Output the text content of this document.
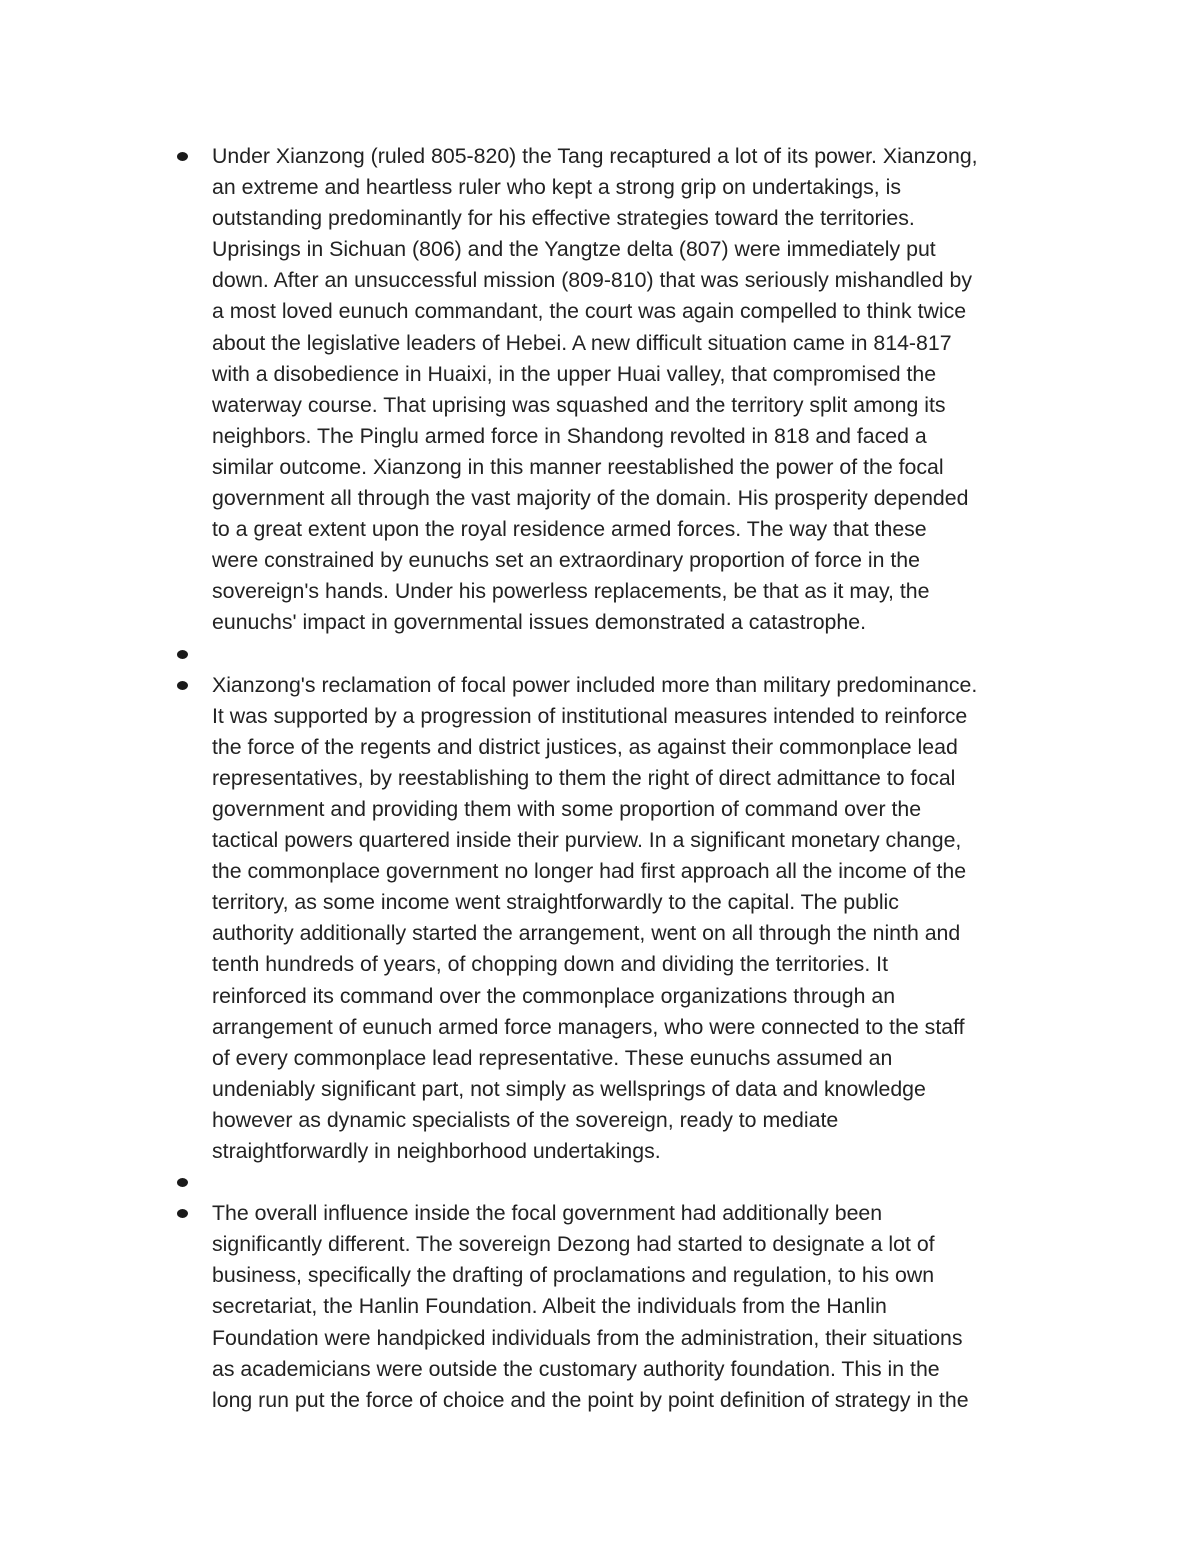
Under Xianzong (ruled 805-820) the Tang recaptured a lot of its power. Xianzong,
an extreme and heartless ruler who kept a strong grip on undertakings, is
outstanding predominantly for his effective strategies toward the territories.
Uprisings in Sichuan (806) and the Yangtze delta (807) were immediately put
down. After an unsuccessful mission (809-810) that was seriously mishandled by
a most loved eunuch commandant, the court was again compelled to think twice
about the legislative leaders of Hebei. A new difficult situation came in 814-817
with a disobedience in Huaixi, in the upper Huai valley, that compromised the
waterway course. That uprising was squashed and the territory split among its
neighbors. The Pinglu armed force in Shandong revolted in 818 and faced a
similar outcome. Xianzong in this manner reestablished the power of the focal
government all through the vast majority of the domain. His prosperity depended
to a great extent upon the royal residence armed forces. The way that these
were constrained by eunuchs set an extraordinary proportion of force in the
sovereign's hands. Under his powerless replacements, be that as it may, the
eunuchs' impact in governmental issues demonstrated a catastrophe.
Xianzong's reclamation of focal power included more than military predominance.
It was supported by a progression of institutional measures intended to reinforce
the force of the regents and district justices, as against their commonplace lead
representatives, by reestablishing to them the right of direct admittance to focal
government and providing them with some proportion of command over the
tactical powers quartered inside their purview. In a significant monetary change,
the commonplace government no longer had first approach all the income of the
territory, as some income went straightforwardly to the capital. The public
authority additionally started the arrangement, went on all through the ninth and
tenth hundreds of years, of chopping down and dividing the territories. It
reinforced its command over the commonplace organizations through an
arrangement of eunuch armed force managers, who were connected to the staff
of every commonplace lead representative. These eunuchs assumed an
undeniably significant part, not simply as wellsprings of data and knowledge
however as dynamic specialists of the sovereign, ready to mediate
straightforwardly in neighborhood undertakings.
The overall influence inside the focal government had additionally been
significantly different. The sovereign Dezong had started to designate a lot of
business, specifically the drafting of proclamations and regulation, to his own
secretariat, the Hanlin Foundation. Albeit the individuals from the Hanlin
Foundation were handpicked individuals from the administration, their situations
as academicians were outside the customary authority foundation. This in the
long run put the force of choice and the point by point definition of strategy in the
